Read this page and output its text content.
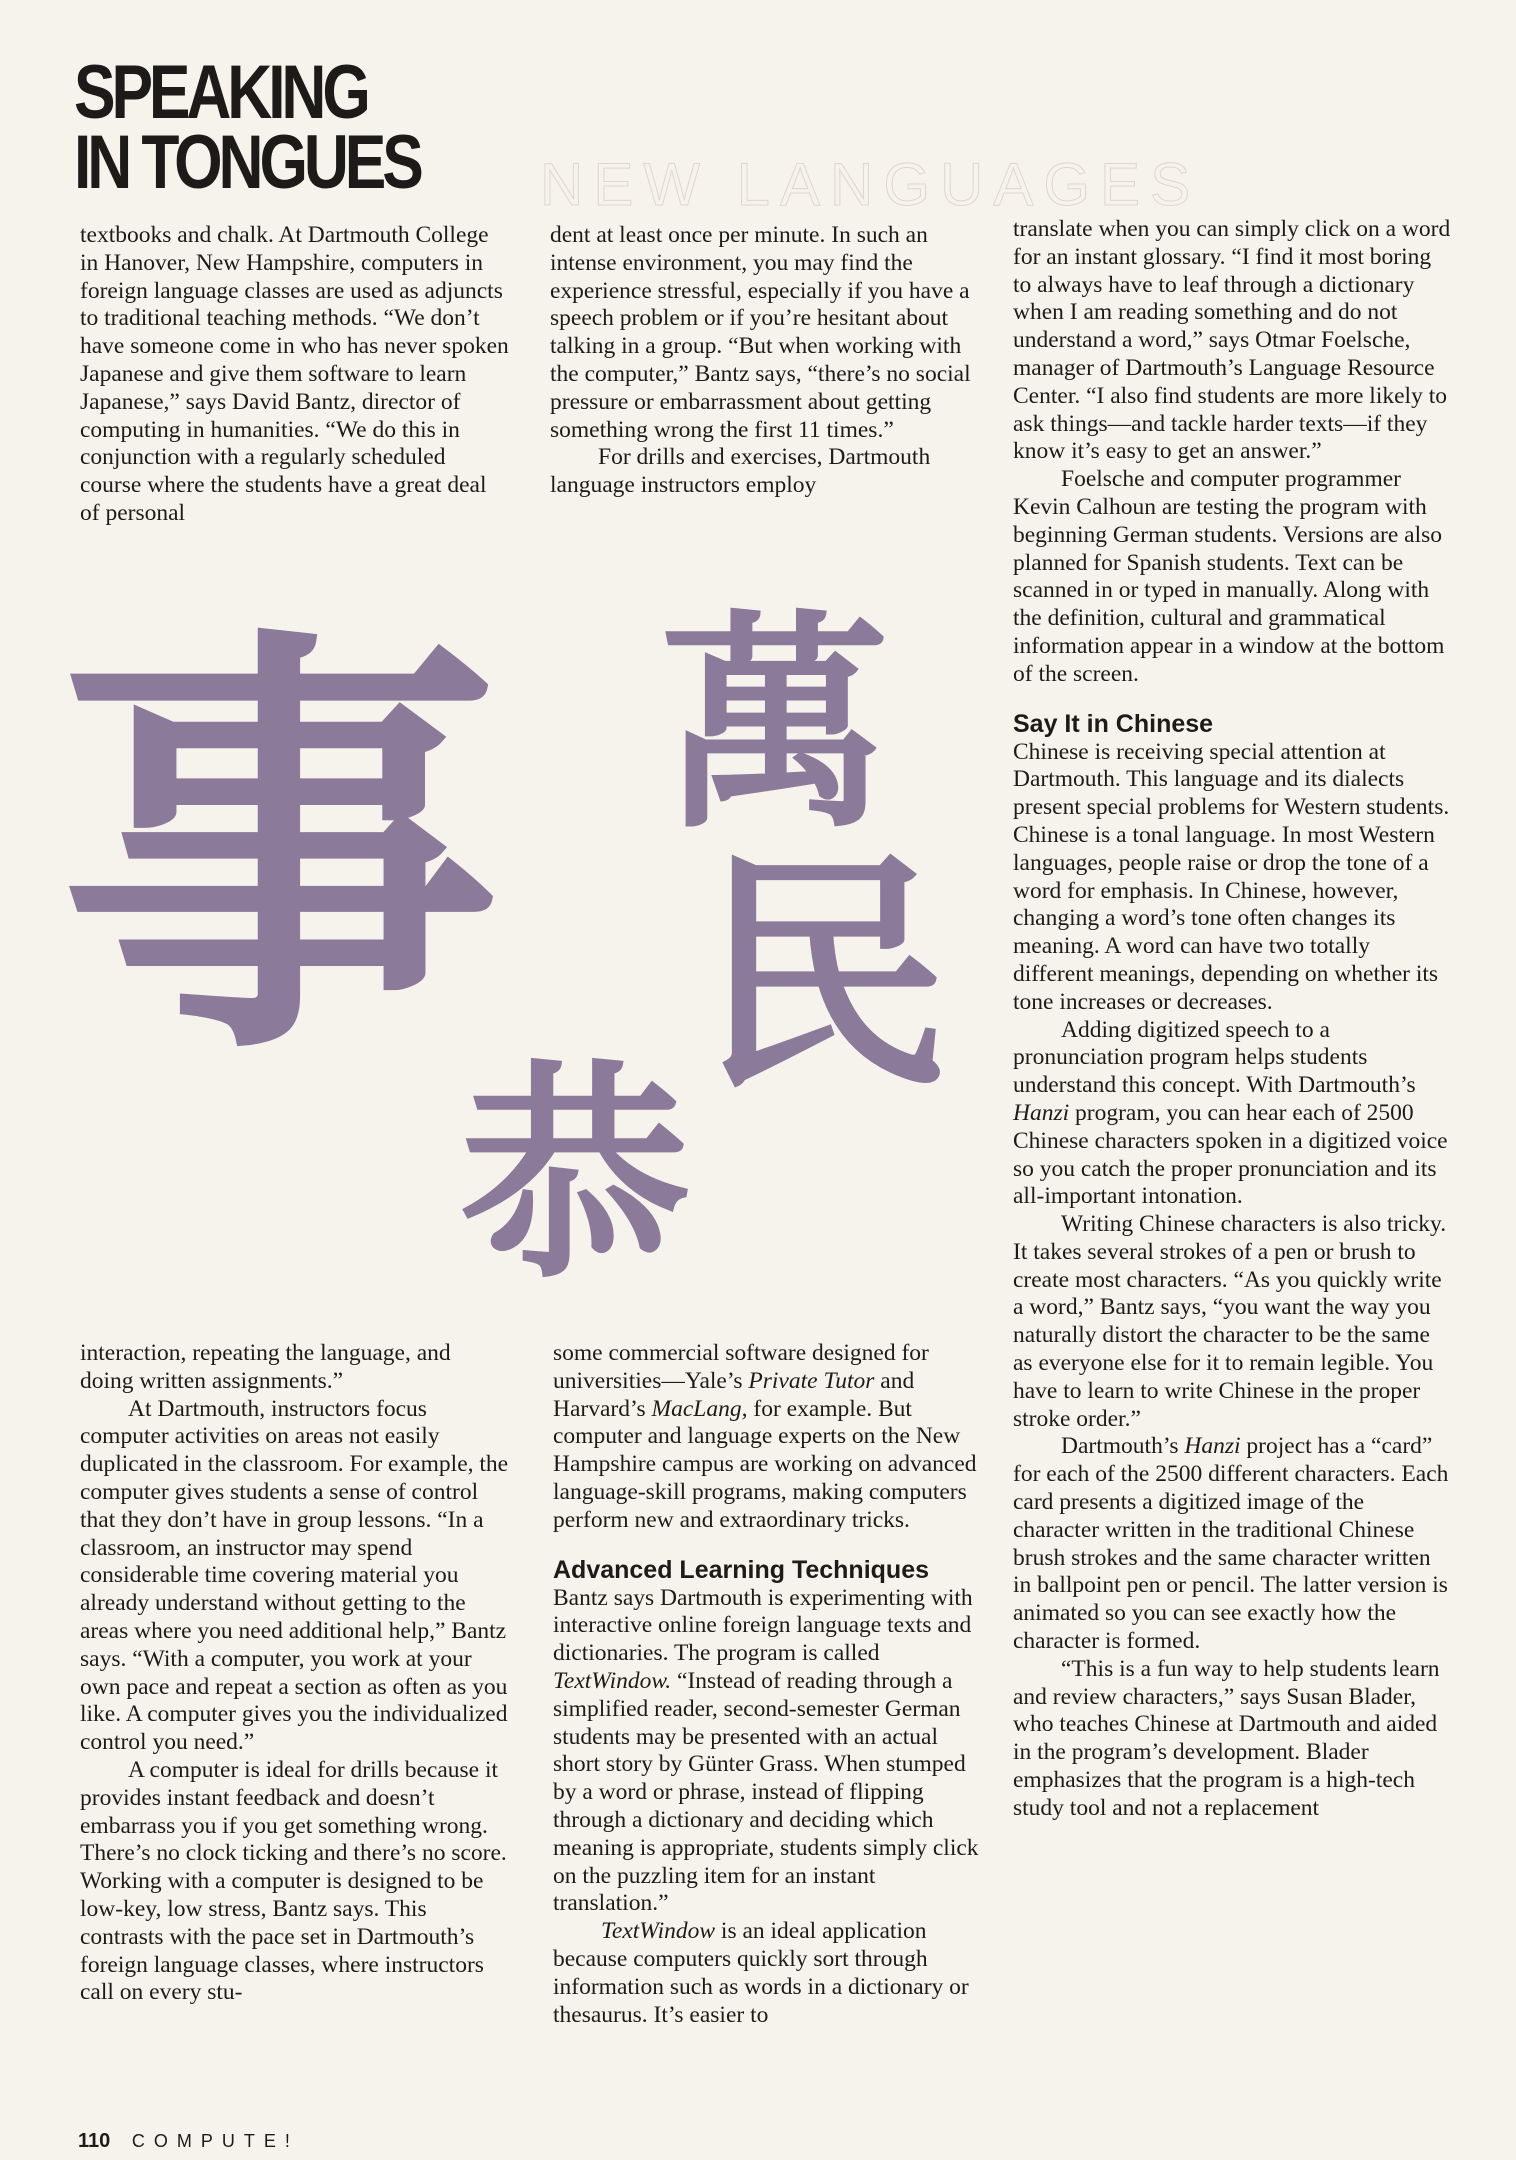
SPEAKING
IN TONGUES NEW LANGUAGES

textbooks and chalk. At Dartmouth College in Hanover, New Hampshire, computers in foreign language classes are used as adjuncts to traditional teaching methods. “We don’t have someone come in who has never spoken Japanese and give them software to learn Japanese,” says David Bantz, director of computing in humanities. “We do this in conjunction with a regularly scheduled course where the students have a great deal of personal

dent at least once per minute. In such an intense environment, you may find the experience stressful, especially if you have a speech problem or if you’re hesitant about talking in a group. “But when working with the computer,” Bantz says, “there’s no social pressure or embarrassment about getting something wrong the first 11 times.”

For drills and exercises, Dartmouth language instructors employ

translate when you can simply click on a word for an instant glossary. “I find it most boring to always have to leaf through a dictionary when I am reading something and do not understand a word,” says Otmar Foelsche, manager of Dartmouth’s Language Resource Center. “I also find students are more likely to ask things—and tackle harder texts—if they know it’s easy to get an answer.”

Foelsche and computer programmer Kevin Calhoun are testing the program with beginning German students. Versions are also planned for Spanish students. Text can be scanned in or typed in manually. Along with the definition, cultural and grammatical information appear in a window at the bottom of the screen.

Say It in Chinese

Chinese is receiving special attention at Dartmouth. This language and its dialects present special problems for Western students. Chinese is a tonal language. In most Western languages, people raise or drop the tone of a word for emphasis. In Chinese, however, changing a word’s tone often changes its meaning. A word can have two totally different meanings, depending on whether its tone increases or decreases.

Adding digitized speech to a pronunciation program helps students understand this concept. With Dartmouth’s Hanzi program, you can hear each of 2500 Chinese characters spoken in a digitized voice so you catch the proper pronunciation and its all-important intonation.

Writing Chinese characters is also tricky. It takes several strokes of a pen or brush to create most characters. “As you quickly write a word,” Bantz says, “you want the way you naturally distort the character to be the same as everyone else for it to remain legible. You have to learn to write Chinese in the proper stroke order.”

Dartmouth’s Hanzi project has a “card” for each of the 2500 different characters. Each card presents a digitized image of the character written in the traditional Chinese brush strokes and the same character written in ballpoint pen or pencil. The latter version is animated so you can see exactly how the character is formed.

“This is a fun way to help students learn and review characters,” says Susan Blader, who teaches Chinese at Dartmouth and aided in the program’s development. Blader emphasizes that the program is a high-tech study tool and not a replacement

事 萬
民
恭

interaction, repeating the language, and doing written assignments.”

At Dartmouth, instructors focus computer activities on areas not easily duplicated in the classroom. For example, the computer gives students a sense of control that they don’t have in group lessons. “In a classroom, an instructor may spend considerable time covering material you already understand without getting to the areas where you need additional help,” Bantz says. “With a computer, you work at your own pace and repeat a section as often as you like. A computer gives you the individualized control you need.”

A computer is ideal for drills because it provides instant feedback and doesn’t embarrass you if you get something wrong. There’s no clock ticking and there’s no score. Working with a computer is designed to be low-key, low stress, Bantz says. This contrasts with the pace set in Dartmouth’s foreign language classes, where instructors call on every stu-

some commercial software designed for universities—Yale’s Private Tutor and Harvard’s MacLang, for example. But computer and language experts on the New Hampshire campus are working on advanced language-skill programs, making computers perform new and extraordinary tricks.

Advanced Learning Techniques

Bantz says Dartmouth is experimenting with interactive online foreign language texts and dictionaries. The program is called TextWindow. “Instead of reading through a simplified reader, second-semester German students may be presented with an actual short story by Günter Grass. When stumped by a word or phrase, instead of flipping through a dictionary and deciding which meaning is appropriate, students simply click on the puzzling item for an instant translation.”

TextWindow is an ideal application because computers quickly sort through information such as words in a dictionary or thesaurus. It’s easier to

110 COMPUTE!
